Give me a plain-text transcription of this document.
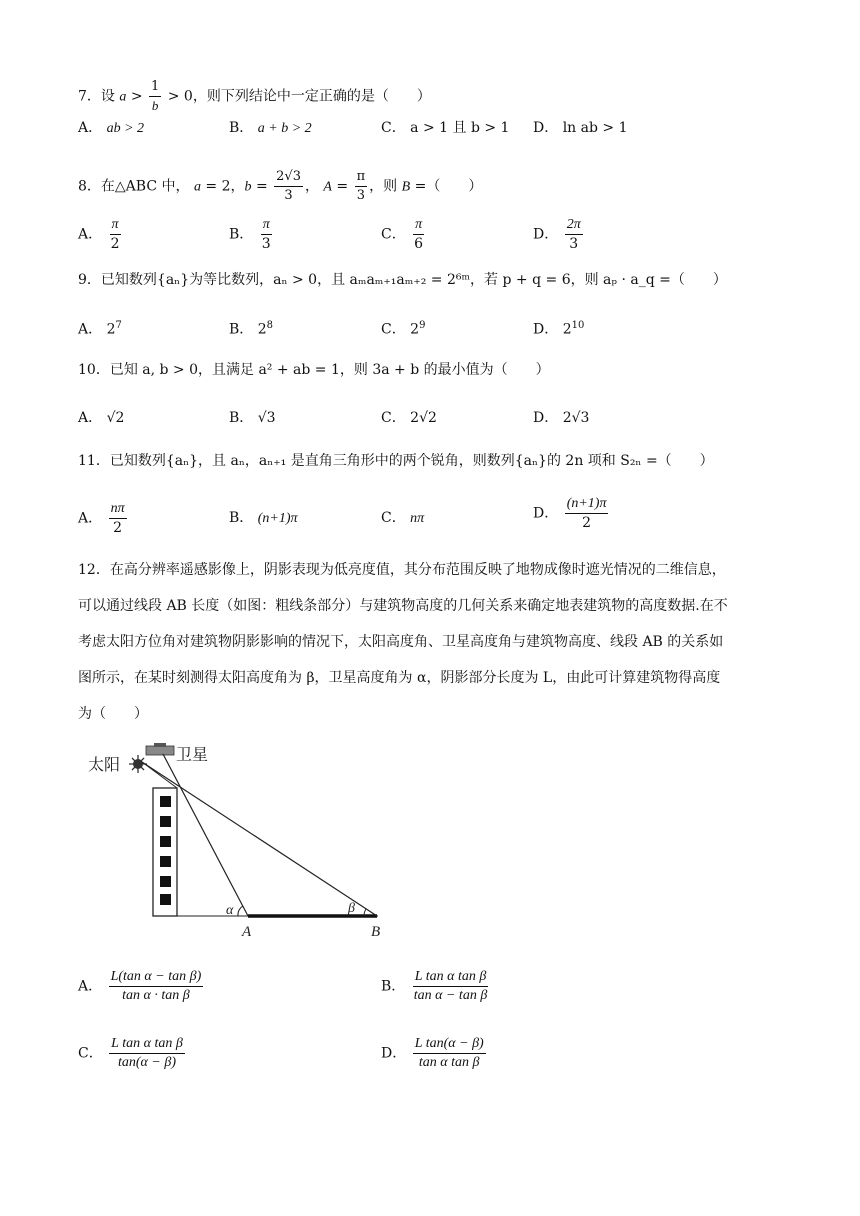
7．设 $a > \frac{1}{b} > 0$，则下列结论中一定正确的是（　　）
A． ab > 2	B． a + b > 2	C． a > 1 且 b > 1 D． ln ab > 1
8．在△ABC 中， a = 2，$b = \frac{2√3}{3}$ ， $A = \frac{\pi}{3}$ ，则 B =（　　）
A． $\frac{\pi}{2}$	B． $\frac{\pi}{3}$	C． $\frac{\pi}{6}$	D． $\frac{2\pi}{3}$
9．已知数列{aₙ}为等比数列，aₙ > 0，且 aₘaₘ₊₁aₘ₊₂ = 2⁶ᵐ，若 p + q = 6，则 aₚ · a_q =（　　）
A． $2^7$	B． $2^8$	C． $2^9$	D． $2^{10}$
10．已知 a, b > 0，且满足 a² + ab = 1，则 3a + b 的最小值为（　　）
A． √2	B． √3	C． 2√2	D． 2√3
11．已知数列{aₙ}，且 aₙ，aₙ₊₁ 是直角三角形中的两个锐角，则数列{aₙ}的 2n 项和 S₂ₙ =（　　）
A． $\frac{n\pi}{2}$	B． (n+1)π	C． nπ	D． $\frac{(n+1)\pi}{2}$
12．在高分辨率遥感影像上，阴影表现为低亮度值，其分布范围反映了地物成像时遮光情况的二维信息，
可以通过线段 AB 长度（如图：粗线条部分）与建筑物高度的几何关系来确定地表建筑物的高度数据.在不
考虑太阳方位角对建筑物阴影影响的情况下，太阳高度角、卫星高度角与建筑物高度、线段 AB 的关系如
图所示，在某时刻测得太阳高度角为 β，卫星高度角为 α，阴影部分长度为 L，由此可计算建筑物得高度
为（　　）
太阳
卫星
α	β
A	B
A． $\frac{\text{L(tan α − tan β)}}{\text{tan α · tan β}}$	B． $\frac{\text{L tan α tan β}}{\text{tan α − tan β}}$
C． $\frac{\text{L tan α tan β}}{\tan(\alpha - \beta)}$	D． $\frac{\text{L tan(α − β)}}{\text{tan α tan β}}$
